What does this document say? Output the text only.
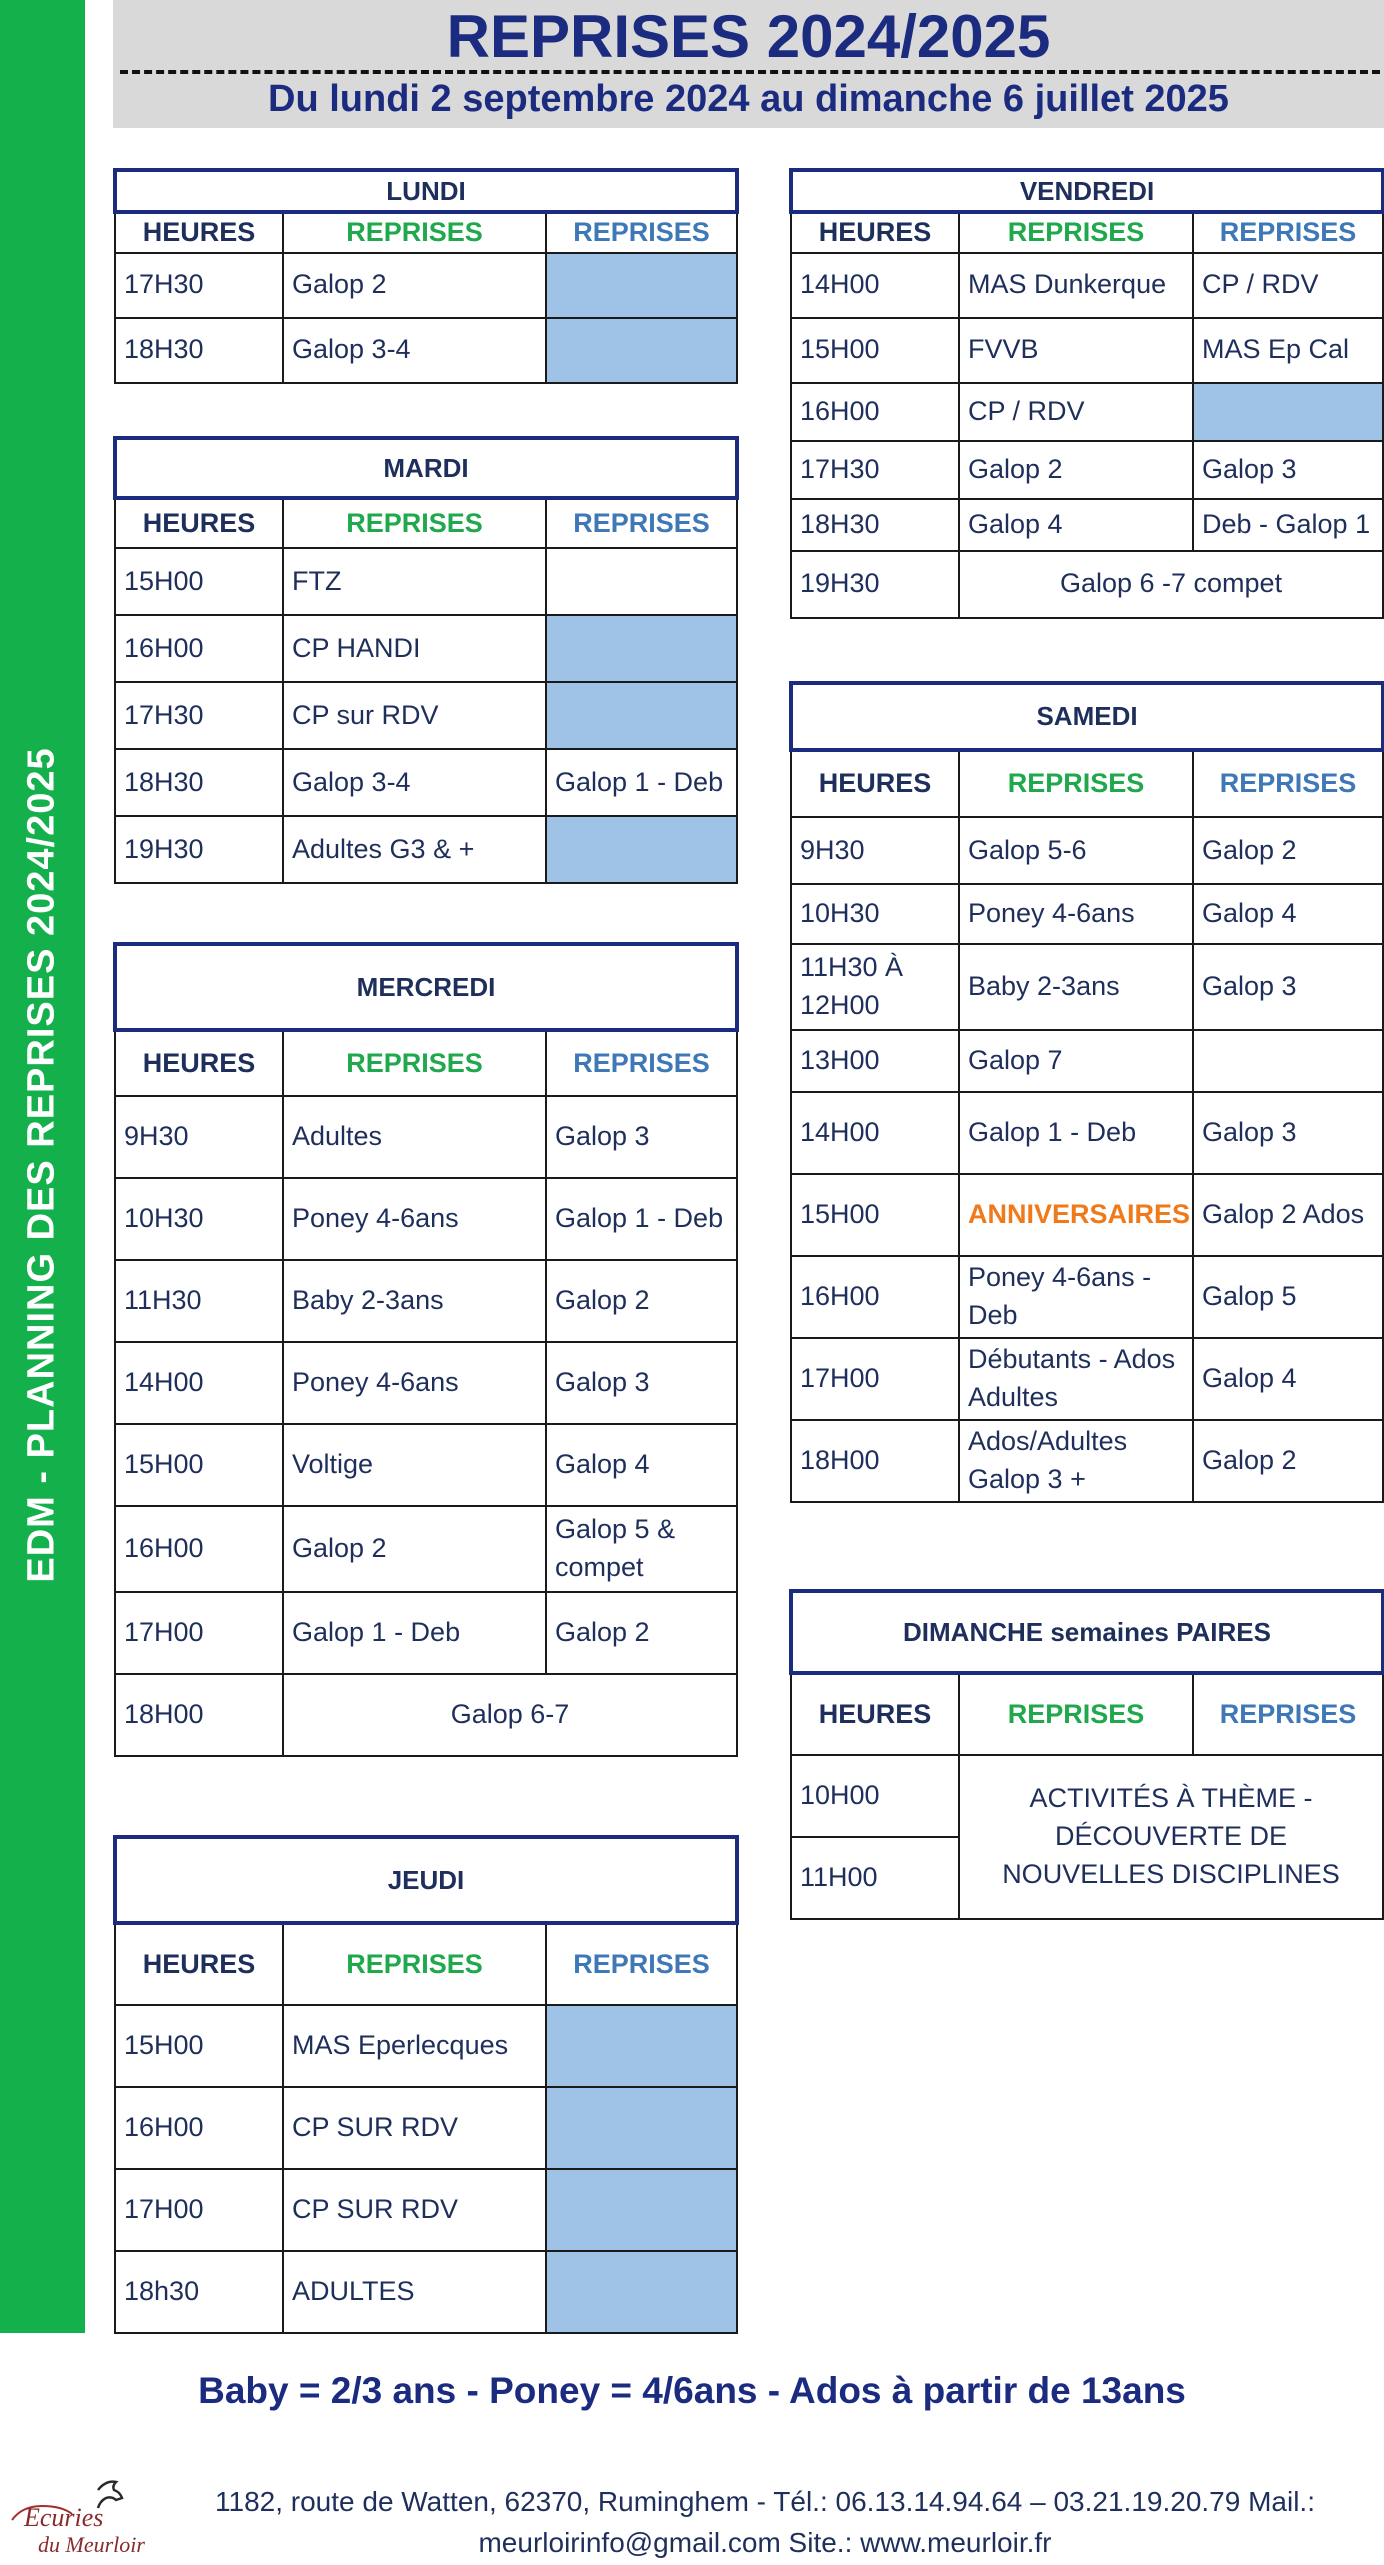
EDM - PLANNING DES REPRISES 2024/2025
REPRISES 2024/2025
Du lundi 2 septembre 2024 au dimanche 6 juillet 2025
LUNDI		
HEURES	REPRISES	REPRISES
17H30	Galop 2	
18H30	Galop 3-4	
MARDI		
HEURES	REPRISES	REPRISES
15H00	FTZ	
16H00	CP HANDI	
17H30	CP sur RDV	
18H30	Galop 3-4	Galop 1 - Deb
19H30	Adultes G3 & +	
MERCREDI		
HEURES	REPRISES	REPRISES
9H30	Adultes	Galop 3
10H30	Poney 4-6ans	Galop 1 - Deb
11H30	Baby 2-3ans	Galop 2
14H00	Poney 4-6ans	Galop 3
15H00	Voltige	Galop 4
16H00	Galop 2	Galop 5 & compet
17H00	Galop 1 - Deb	Galop 2
18H00	Galop 6-7	
JEUDI		
HEURES	REPRISES	REPRISES
15H00	MAS Eperlecques	
16H00	CP SUR RDV	
17H00	CP SUR RDV	
18h30	ADULTES	
VENDREDI		
HEURES	REPRISES	REPRISES
14H00	MAS Dunkerque	CP / RDV
15H00	FVVB	MAS Ep Cal
16H00	CP / RDV	
17H30	Galop 2	Galop 3
18H30	Galop 4	Deb - Galop 1
19H30	Galop 6 -7 compet	
SAMEDI		
HEURES	REPRISES	REPRISES
9H30	Galop 5-6	Galop 2
10H30	Poney 4-6ans	Galop 4
11H30 À 12H00	Baby 2-3ans	Galop 3
13H00	Galop 7	
14H00	Galop 1 - Deb	Galop 3
15H00	ANNIVERSAIRES	Galop 2 Ados
16H00	Poney 4-6ans - Deb	Galop 5
17H00	Débutants - Ados Adultes	Galop 4
18H00	Ados/Adultes Galop 3 +	Galop 2
DIMANCHE semaines PAIRES		
HEURES	REPRISES	REPRISES
10H00	ACTIVITÉS À THÈME - DÉCOUVERTE DE NOUVELLES DISCIPLINES	
11H00		
Baby = 2/3 ans - Poney = 4/6ans - Ados à partir de 13ans
Ecuries
du Meurloir
1182, route de Watten, 62370, Ruminghem - Tél.: 06.13.14.94.64 – 03.21.19.20.79 Mail.:
meurloirinfo@gmail.com Site.: www.meurloir.fr
